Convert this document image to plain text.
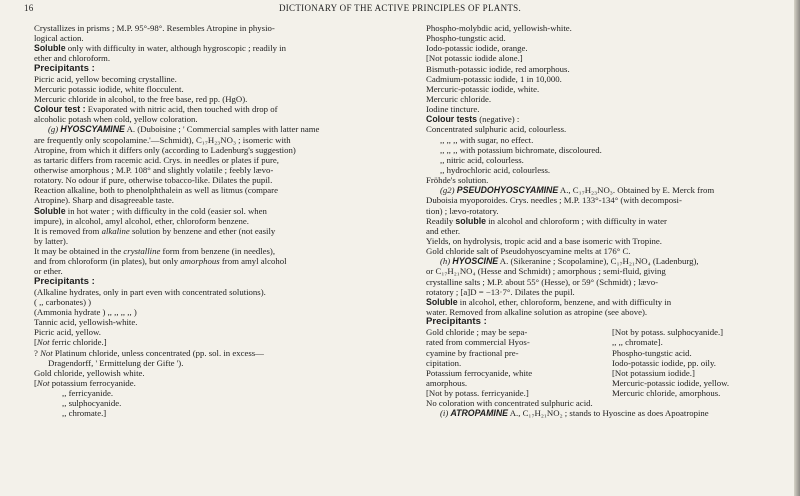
16	DICTIONARY OF THE ACTIVE PRINCIPLES OF PLANTS.
Crystallizes in prisms ; M.P. 95°-98°. Resembles Atropine in physio-
logical action.
Soluble only with difficulty in water, although hygroscopic ; readily in
ether and chloroform.
Precipitants :
Picric acid, yellow becoming crystalline.
Mercuric potassic iodide, white flocculent.
Mercuric chloride in alcohol, to the free base, red pp. (HgO).
Colour test : Evaporated with nitric acid, then touched with drop of
alcoholic potash when cold, yellow coloration.
(g) HYOSCYAMINE A. (Duboisine ; ' Commercial samples with latter name
are frequently only scopolamine.'—Schmidt), C₁₇H₂₃NO₃ ; isomeric with
Atropine, from which it differs only (according to Ladenburg's suggestion)
as tartaric differs from racemic acid. Crys. in needles or plates if pure,
otherwise amorphous ; M.P. 108° and slightly volatile ; feebly lævo-
rotatory. No odour if pure, otherwise tobacco-like. Dilates the pupil.
Reaction alkaline, both to phenolphthalein as well as litmus (compare
Atropine). Sharp and disagreeable taste.
Soluble in hot water ; with difficulty in the cold (easier sol. when
impure), in alcohol, amyl alcohol, ether, chloroform benzene.
It is removed from alkaline solution by benzene and ether (not easily
by latter).
It may be obtained in the crystalline form from benzene (in needles),
and from chloroform (in plates), but only amorphous from amyl alcohol
or ether.
Precipitants :
(Alkaline hydrates, only in part even with concentrated solutions).
( ,, carbonates) )
(Ammonia hydrate ) ,, ,, ,, ,, )
Tannic acid, yellowish-white.
Picric acid, yellow.
[Not ferric chloride.]
? Not Platinum chloride, unless concentrated (pp. sol. in excess—
Dragendorff, ' Ermittelung der Gifte ').
Gold chloride, yellowish white.
[Not potassium ferrocyanide.
,, ferricyanide.
,, sulphocyanide.
,, chromate.]
Phospho-molybdic acid, yellowish-white.
Phospho-tungstic acid.
Iodo-potassic iodide, orange.
[Not potassic iodide alone.]
Bismuth-potassic iodide, red amorphous.
Cadmium-potassic iodide, 1 in 10,000.
Mercuric-potassic iodide, white.
Mercuric chloride.
Iodine tincture.
Colour tests (negative) :
Concentrated sulphuric acid, colourless.
,, ,, ,, with sugar, no effect.
,, ,, ,, with potassium bichromate, discoloured.
,, nitric acid, colourless.
,, hydrochloric acid, colourless.
Fröhde's solution.
(g2) PSEUDOHYOSCYAMINE A., C₁₇H₂₃NO₃. Obtained by E. Merck from
Duboisia myoporoides. Crys. needles ; M.P. 133°-134° (with decomposi-
tion) ; lævo-rotatory.
Readily soluble in alcohol and chloroform ; with difficulty in water
and ether.
Yields, on hydrolysis, tropic acid and a base isomeric with Tropine.
Gold chloride salt of Pseudohyoscyamine melts at 176° C.
(h) HYOSCINE A. (Sikeranine ; Scopolamine), C₁₇H₂₁NO₄ (Ladenburg),
or C₁₇H₂₁NO₄ (Hesse and Schmidt) ; amorphous ; semi-fluid, giving
crystalline salts ; M.P. about 55° (Hesse), or 59° (Schmidt) ; lævo-
rotatory ; [a]D = −13·7°. Dilates the pupil.
Soluble in alcohol, ether, chloroform, benzene, and with difficulty in
water. Removed from alkaline solution as atropine (see above).
Precipitants :
Gold chloride ; may be sepa-	[Not by potass. sulphocyanide.]
rated from commercial Hyos-	,, ,, chromate].
cyamine by fractional pre-	Phospho-tungstic acid.
cipitation.	Iodo-potassic iodide, pp. oily.
Potassium ferrocyanide, white	[Not potassium iodide.]
amorphous.	Mercuric-potassic iodide, yellow.
[Not by potass. ferricyanide.]	Mercuric chloride, amorphous.
No coloration with concentrated sulphuric acid.
(i) ATROPAMINE A., C₁₇H₂₁NO₂ ; stands to Hyoscine as does Apoatropine
